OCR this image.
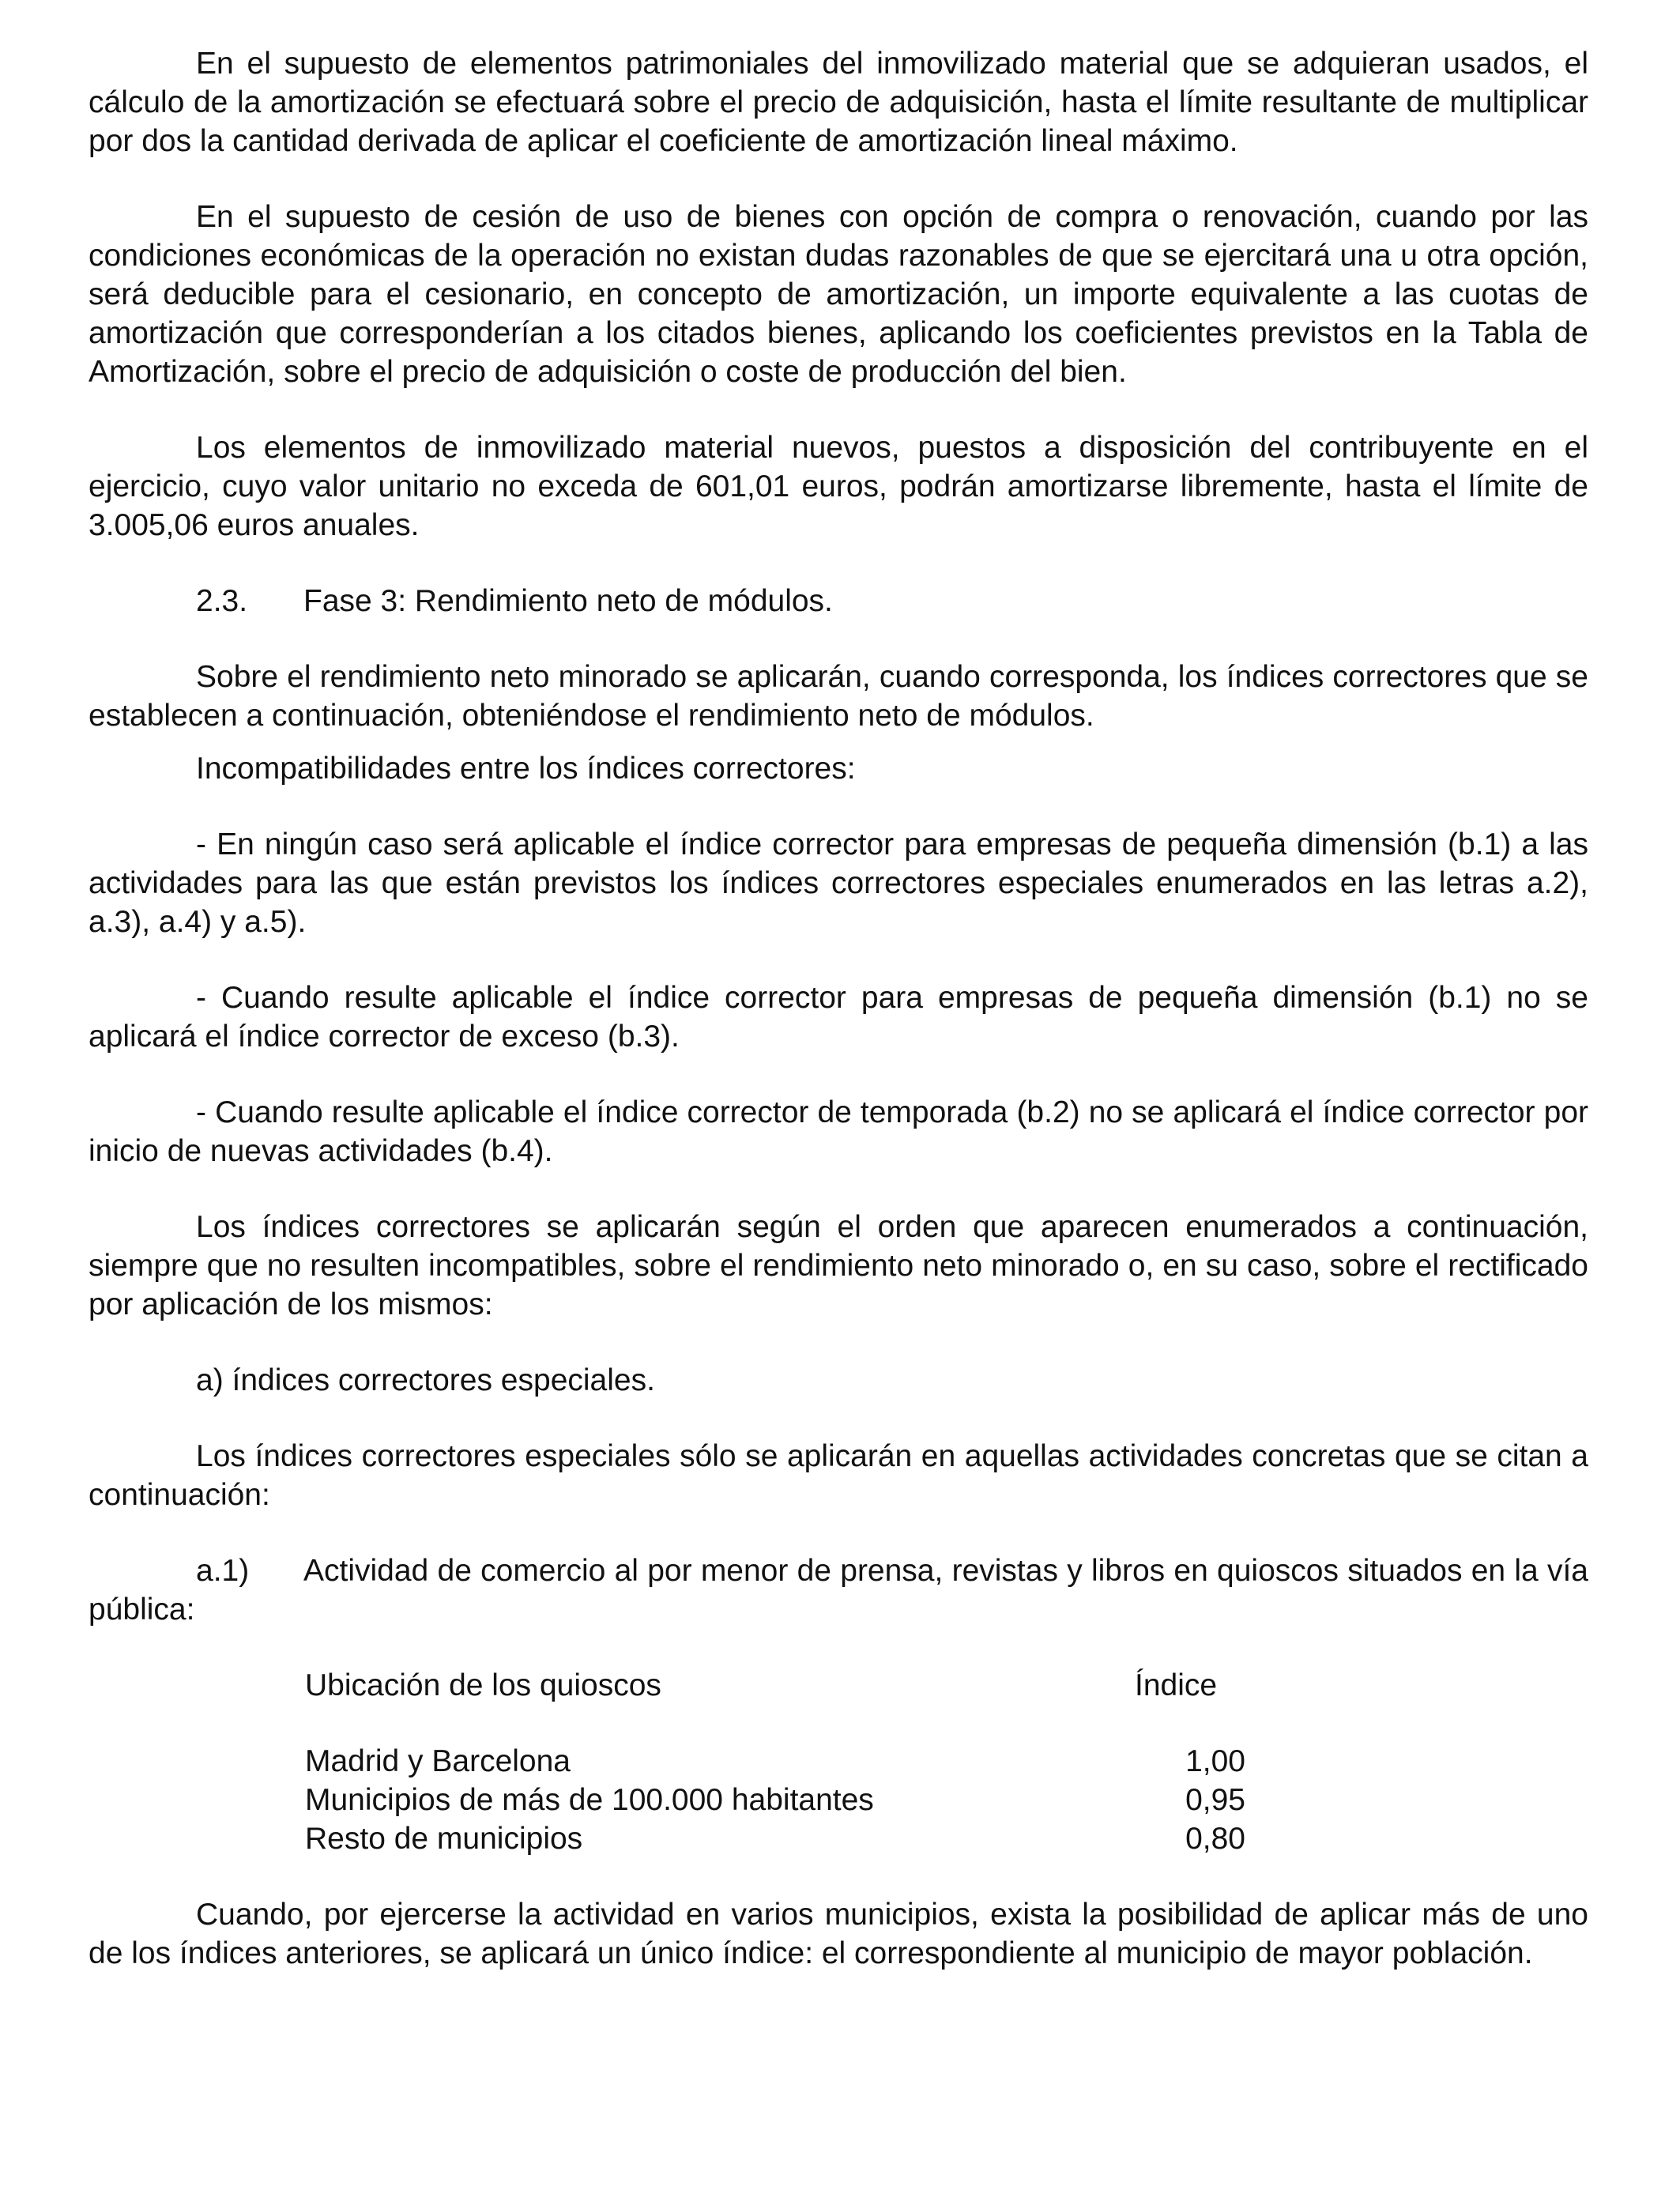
En el supuesto de elementos patrimoniales del inmovilizado material que se adquieran usados, el cálculo de la amortización se efectuará sobre el precio de adquisición, hasta el límite resultante de multiplicar por dos la cantidad derivada de aplicar el coeficiente de amortización lineal máximo.

En el supuesto de cesión de uso de bienes con opción de compra o renovación, cuando por las condiciones económicas de la operación no existan dudas razonables de que se ejercitará una u otra opción, será deducible para el cesionario, en concepto de amortización, un importe equivalente a las cuotas de amortización que corresponderían a los citados bienes, aplicando los coeficientes previstos en la Tabla de Amortización, sobre el precio de adquisición o coste de producción del bien.

Los elementos de inmovilizado material nuevos, puestos a disposición del contribuyente en el ejercicio, cuyo valor unitario no exceda de 601,01 euros, podrán amortizarse libremente, hasta el límite de 3.005,06 euros anuales.

2.3. Fase 3: Rendimiento neto de módulos.

Sobre el rendimiento neto minorado se aplicarán, cuando corresponda, los índices correctores que se establecen a continuación, obteniéndose el rendimiento neto de módulos.

Incompatibilidades entre los índices correctores:

- En ningún caso será aplicable el índice corrector para empresas de pequeña dimensión (b.1) a las actividades para las que están previstos los índices correctores especiales enumerados en las letras a.2), a.3), a.4) y a.5).

- Cuando resulte aplicable el índice corrector para empresas de pequeña dimensión (b.1) no se aplicará el índice corrector de exceso (b.3).

- Cuando resulte aplicable el índice corrector de temporada (b.2) no se aplicará el índice corrector por inicio de nuevas actividades (b.4).

Los índices correctores se aplicarán según el orden que aparecen enumerados a continuación, siempre que no resulten incompatibles, sobre el rendimiento neto minorado o, en su caso, sobre el rectificado por aplicación de los mismos:

a) índices correctores especiales.

Los índices correctores especiales sólo se aplicarán en aquellas actividades concretas que se citan a continuación:

a.1) Actividad de comercio al por menor de prensa, revistas y libros en quioscos situados en la vía pública:

Ubicación de los quioscos	Índice
Madrid y Barcelona	1,00
Municipios de más de 100.000 habitantes	0,95
Resto de municipios	0,80

Cuando, por ejercerse la actividad en varios municipios, exista la posibilidad de aplicar más de uno de los índices anteriores, se aplicará un único índice: el correspondiente al municipio de mayor población.
